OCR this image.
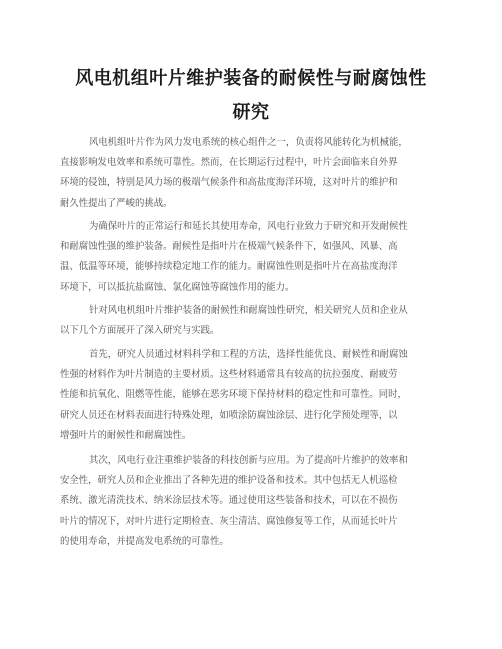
风电机组叶片维护装备的耐候性与耐腐蚀性
研究
风电机组叶片作为风力发电系统的核心组件之一，负责将风能转化为机械能，
直接影响发电效率和系统可靠性。然而，在长期运行过程中，叶片会面临来自外界
环境的侵蚀，特别是风力场的极端气候条件和高盐度海洋环境，这对叶片的维护和
耐久性提出了严峻的挑战。
为确保叶片的正常运行和延长其使用寿命，风电行业致力于研究和开发耐候性
和耐腐蚀性强的维护装备。耐候性是指叶片在极端气候条件下，如强风、风暴、高
温、低温等环境，能够持续稳定地工作的能力。耐腐蚀性则是指叶片在高盐度海洋
环境下，可以抵抗盐腐蚀、氯化腐蚀等腐蚀作用的能力。
针对风电机组叶片维护装备的耐候性和耐腐蚀性研究，相关研究人员和企业从
以下几个方面展开了深入研究与实践。
首先，研究人员通过材料科学和工程的方法，选择性能优良、耐候性和耐腐蚀
性强的材料作为叶片制造的主要材质。这些材料通常具有较高的抗拉强度、耐疲劳
性能和抗氧化、阻燃等性能，能够在恶劣环境下保持材料的稳定性和可靠性。同时，
研究人员还在材料表面进行特殊处理，如喷涂防腐蚀涂层、进行化学预处理等，以
增强叶片的耐候性和耐腐蚀性。
其次，风电行业注重维护装备的科技创新与应用。为了提高叶片维护的效率和
安全性，研究人员和企业推出了各种先进的维护设备和技术。其中包括无人机巡检
系统、激光清洗技术、纳米涂层技术等。通过使用这些装备和技术，可以在不损伤
叶片的情况下，对叶片进行定期检查、灰尘清洁、腐蚀修复等工作，从而延长叶片
的使用寿命，并提高发电系统的可靠性。
